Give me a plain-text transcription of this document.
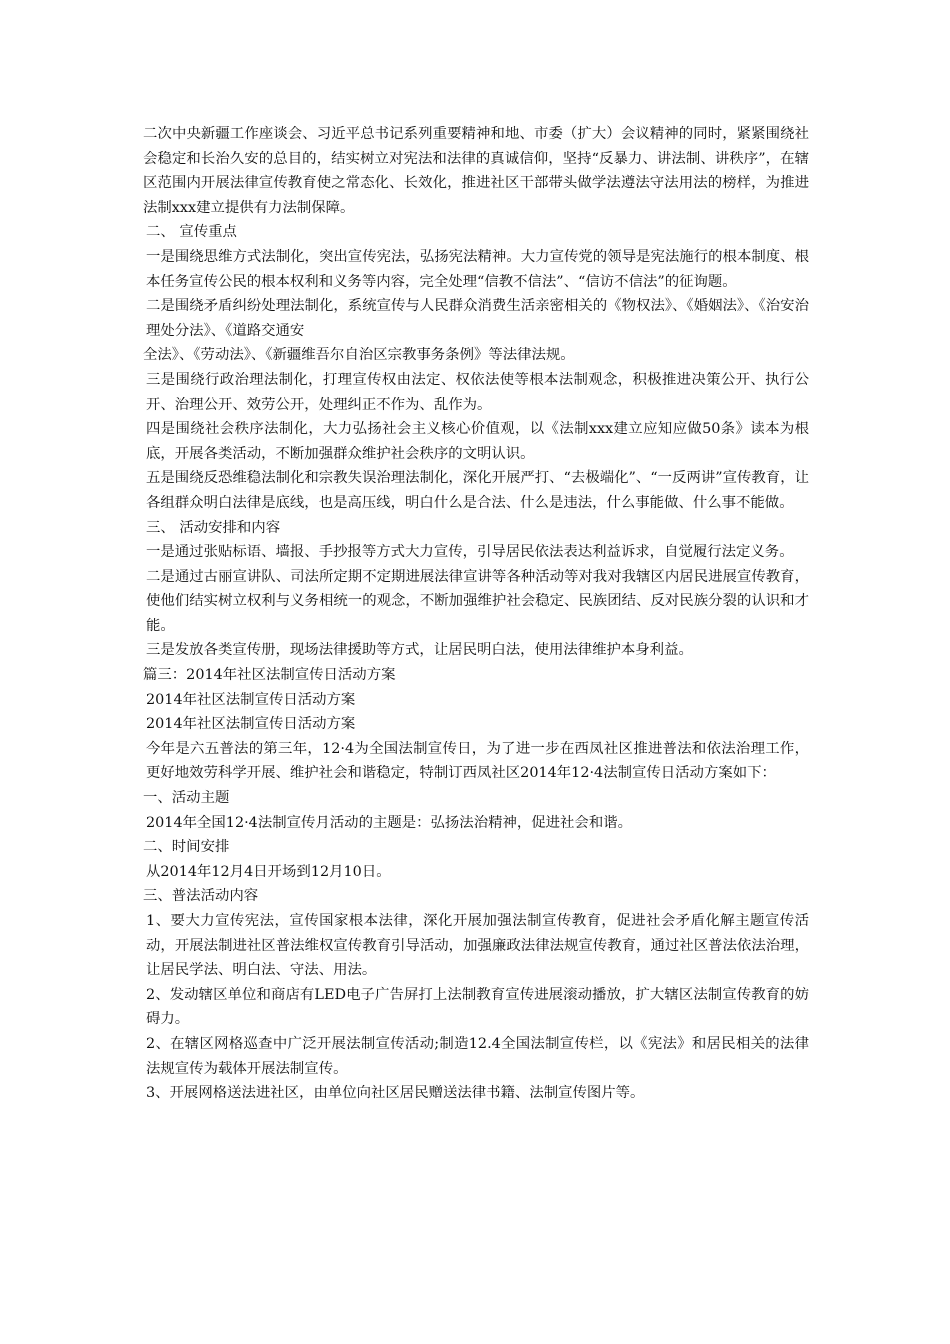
二次中央新疆工作座谈会、习近平总书记系列重要精神和地、市委（扩大）会议精神的同时，紧紧围绕社会稳定和长治久安的总目的，结实树立对宪法和法律的真诚信仰，坚持“反暴力、讲法制、讲秩序”，在辖区范围内开展法律宣传教育使之常态化、长效化，推进社区干部带头做学法遵法守法用法的榜样，为推进法制xxx建立提供有力法制保障。

二、 宣传重点

一是围绕思维方式法制化，突出宣传宪法，弘扬宪法精神。大力宣传党的领导是宪法施行的根本制度、根本任务宣传公民的根本权利和义务等内容，完全处理“信教不信法”、“信访不信法”的征询题。

二是围绕矛盾纠纷处理法制化，系统宣传与人民群众消费生活亲密相关的《物权法》、《婚姻法》、《治安治理处分法》、《道路交通安

全法》、《劳动法》、《新疆维吾尔自治区宗教事务条例》等法律法规。

三是围绕行政治理法制化，打理宣传权由法定、权依法使等根本法制观念，积极推进决策公开、执行公开、治理公开、效劳公开，处理纠正不作为、乱作为。

四是围绕社会秩序法制化，大力弘扬社会主义核心价值观，以《法制xxx建立应知应做50条》读本为根底，开展各类活动，不断加强群众维护社会秩序的文明认识。

五是围绕反恐维稳法制化和宗教失误治理法制化，深化开展严打、“去极端化”、“一反两讲”宣传教育，让各组群众明白法律是底线，也是高压线，明白什么是合法、什么是违法，什么事能做、什么事不能做。

三、 活动安排和内容

一是通过张贴标语、墙报、手抄报等方式大力宣传，引导居民依法表达利益诉求，自觉履行法定义务。

二是通过古丽宣讲队、司法所定期不定期进展法律宣讲等各种活动等对我对我辖区内居民进展宣传教育， 使他们结实树立权利与义务相统一的观念，不断加强维护社会稳定、民族团结、反对民族分裂的认识和才能。

三是发放各类宣传册，现场法律援助等方式，让居民明白法，使用法律维护本身利益。

篇三：2014年社区法制宣传日活动方案

2014年社区法制宣传日活动方案

2014年社区法制宣传日活动方案

今年是六五普法的第三年，12·4为全国法制宣传日，为了进一步在西凤社区推进普法和依法治理工作，更好地效劳科学开展、维护社会和谐稳定，特制订西凤社区2014年12·4法制宣传日活动方案如下：

一、活动主题

2014年全国12·4法制宣传月活动的主题是：弘扬法治精神，促进社会和谐。

二、时间安排

从2014年12月4日开场到12月10日。

三、普法活动内容

1、要大力宣传宪法，宣传国家根本法律，深化开展加强法制宣传教育，促进社会矛盾化解主题宣传活动，开展法制进社区普法维权宣传教育引导活动，加强廉政法律法规宣传教育，通过社区普法依法治理，让居民学法、明白法、守法、用法。

2、发动辖区单位和商店有LED电子广告屏打上法制教育宣传进展滚动播放，扩大辖区法制宣传教育的妨碍力。

2、在辖区网格巡查中广泛开展法制宣传活动;制造12.4全国法制宣传栏，以《宪法》和居民相关的法律法规宣传为载体开展法制宣传。

3、开展网格送法进社区，由单位向社区居民赠送法律书籍、法制宣传图片等。
